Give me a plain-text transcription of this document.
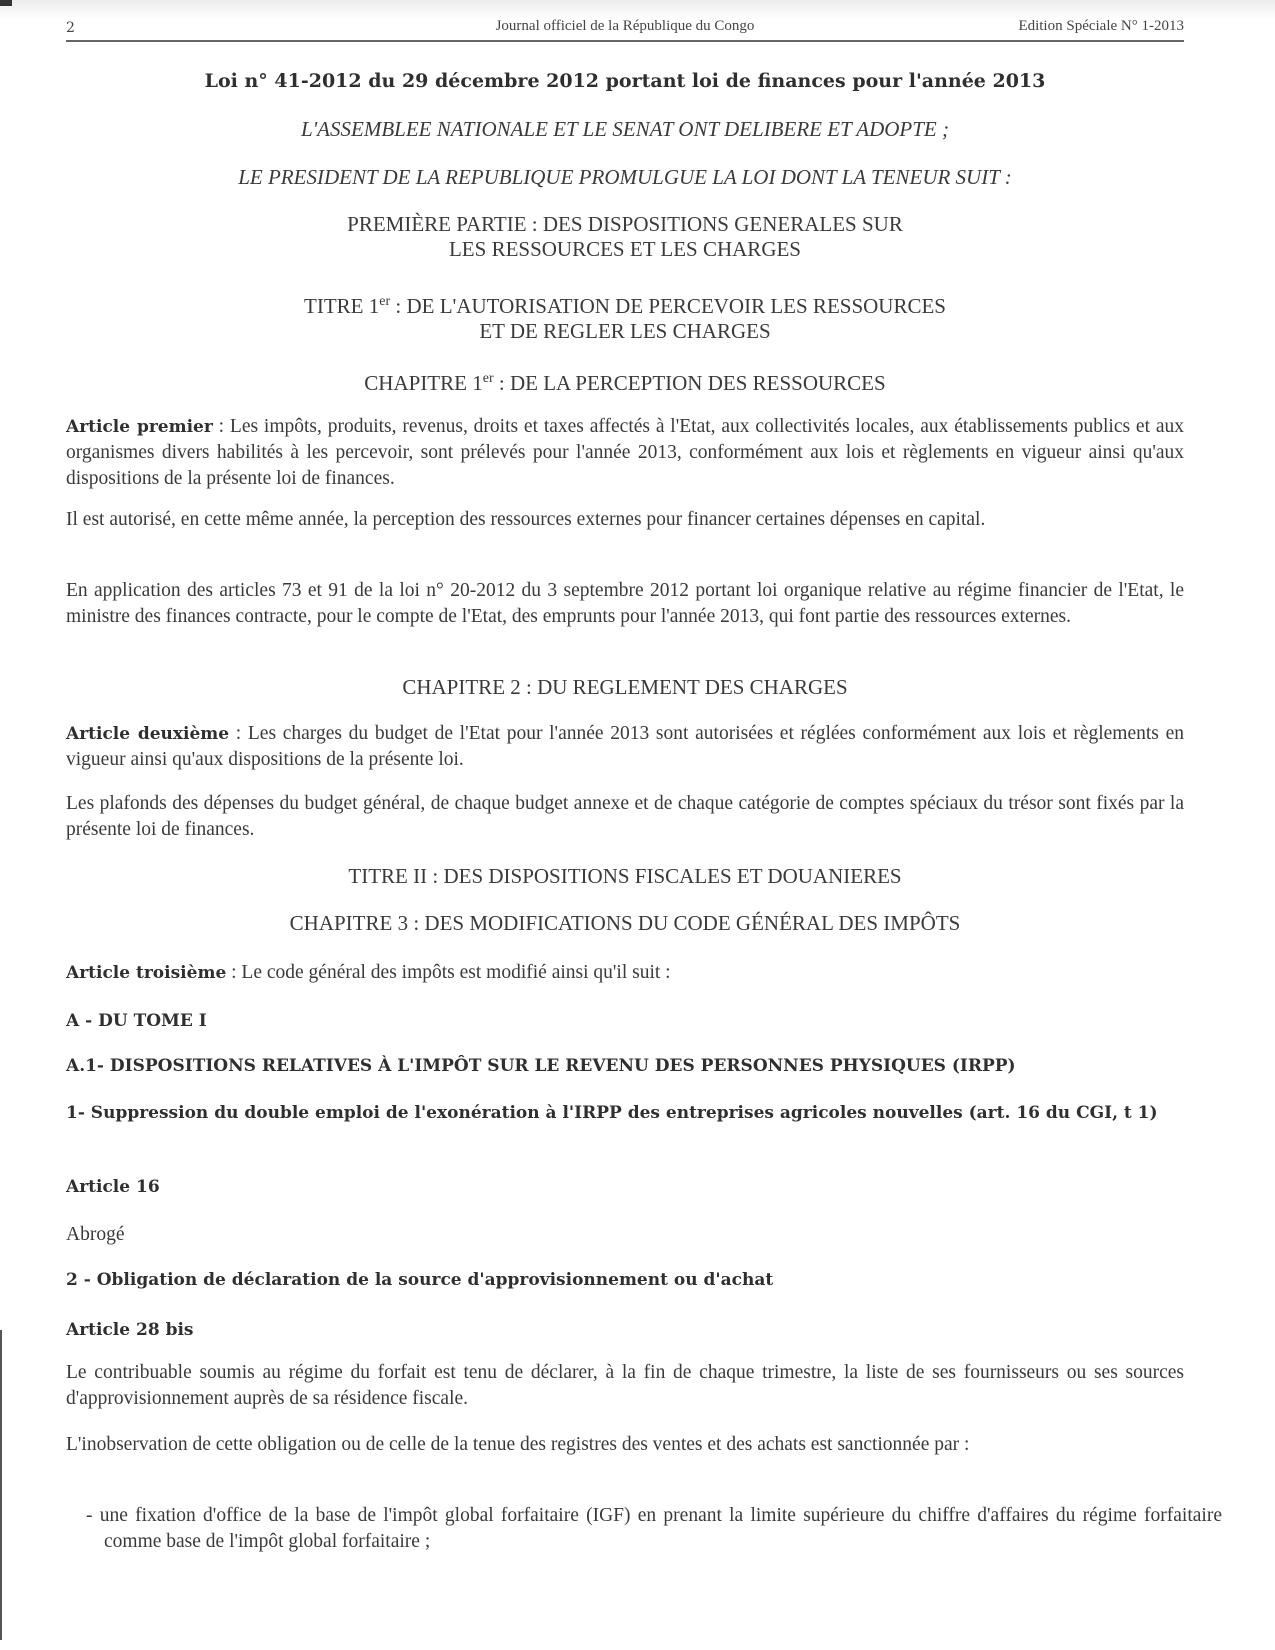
2	Journal officiel de la République du Congo	Edition Spéciale N° 1-2013
Loi n° 41-2012 du 29 décembre 2012 portant loi de finances pour l'année 2013
L'ASSEMBLEE NATIONALE ET LE SENAT ONT DELIBERE ET ADOPTE ;
LE PRESIDENT DE LA REPUBLIQUE PROMULGUE LA LOI DONT LA TENEUR SUIT :
PREMIÈRE PARTIE : DES DISPOSITIONS GENERALES SUR
LES RESSOURCES ET LES CHARGES
TITRE 1er : DE L'AUTORISATION DE PERCEVOIR LES RESSOURCES
ET DE REGLER LES CHARGES
CHAPITRE 1er : DE LA PERCEPTION DES RESSOURCES
Article premier : Les impôts, produits, revenus, droits et taxes affectés à l'Etat, aux collectivités locales, aux établissements publics et aux organismes divers habilités à les percevoir, sont prélevés pour l'année 2013, conformément aux lois et règlements en vigueur ainsi qu'aux dispositions de la présente loi de finances.
Il est autorisé, en cette même année, la perception des ressources externes pour financer certaines dépenses en capital.
En application des articles 73 et 91 de la loi n° 20-2012 du 3 septembre 2012 portant loi organique relative au régime financier de l'Etat, le ministre des finances contracte, pour le compte de l'Etat, des emprunts pour l'année 2013, qui font partie des ressources externes.
CHAPITRE 2 : DU REGLEMENT DES CHARGES
Article deuxième : Les charges du budget de l'Etat pour l'année 2013 sont autorisées et réglées conformément aux lois et règlements en vigueur ainsi qu'aux dispositions de la présente loi.
Les plafonds des dépenses du budget général, de chaque budget annexe et de chaque catégorie de comptes spéciaux du trésor sont fixés par la présente loi de finances.
TITRE II : DES DISPOSITIONS FISCALES ET DOUANIERES
CHAPITRE 3 : DES MODIFICATIONS DU CODE GÉNÉRAL DES IMPÔTS
Article troisième : Le code général des impôts est modifié ainsi qu'il suit :
A - DU TOME I
A.1- DISPOSITIONS RELATIVES À L'IMPÔT SUR LE REVENU DES PERSONNES PHYSIQUES (IRPP)
1- Suppression du double emploi de l'exonération à l'IRPP des entreprises agricoles nouvelles (art. 16 du CGI, t 1)
Article 16
Abrogé
2 - Obligation de déclaration de la source d'approvisionnement ou d'achat
Article 28 bis
Le contribuable soumis au régime du forfait est tenu de déclarer, à la fin de chaque trimestre, la liste de ses fournisseurs ou ses sources d'approvisionnement auprès de sa résidence fiscale.
L'inobservation de cette obligation ou de celle de la tenue des registres des ventes et des achats est sanctionnée par :
- une fixation d'office de la base de l'impôt global forfaitaire (IGF) en prenant la limite supérieure du chiffre d'affaires du régime forfaitaire comme base de l'impôt global forfaitaire ;
